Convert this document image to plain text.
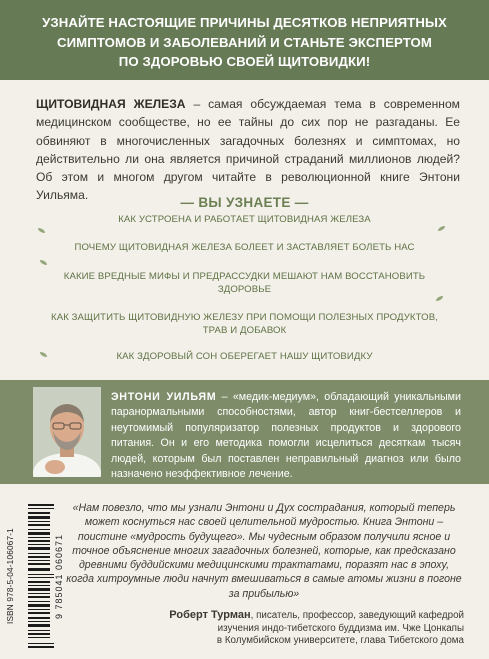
УЗНАЙТЕ НАСТОЯЩИЕ ПРИЧИНЫ ДЕСЯТКОВ НЕПРИЯТНЫХ
СИМПТОМОВ И ЗАБОЛЕВАНИЙ И СТАНЬТЕ ЭКСПЕРТОМ
ПО ЗДОРОВЬЮ СВОЕЙ ЩИТОВИДКИ!

ЩИТОВИДНАЯ ЖЕЛЕЗА – самая обсуждаемая тема в современном медицинском сообществе, но ее тайны до сих пор не разгаданы. Ее обвиняют в многочисленных загадочных болезнях и симптомах, но действительно ли она является причиной страданий миллионов людей? Об этом и многом другом читайте в революционной книге Энтони Уильяма.	— ВЫ УЗНАЕТЕ —
КАК УСТРОЕНА И РАБОТАЕТ ЩИТОВИДНАЯ ЖЕЛЕЗА
ПОЧЕМУ ЩИТОВИДНАЯ ЖЕЛЕЗА БОЛЕЕТ И ЗАСТАВЛЯЕТ БОЛЕТЬ НАС
КАКИЕ ВРЕДНЫЕ МИФЫ И ПРЕДРАССУДКИ МЕШАЮТ НАМ ВОССТАНОВИТЬ
ЗДОРОВЬЕ
КАК ЗАЩИТИТЬ ЩИТОВИДНУЮ ЖЕЛЕЗУ ПРИ ПОМОЩИ ПОЛЕЗНЫХ ПРОДУКТОВ,
ТРАВ И ДОБАВОК
КАК ЗДОРОВЫЙ СОН ОБЕРЕГАЕТ НАШУ ЩИТОВИДКУ

ЭНТОНИ УИЛЬЯМ – «медик-медиум», обладающий уникальными паранормальными способностями, автор книг-бестселлеров и неутомимый популяризатор полезных продуктов и здорового питания. Он и его методика помогли исцелиться десяткам тысяч людей, которым был поставлен неправильный диагноз или было назначено неэффективное лечение.

ISBN 978-5-04-106067-1	9 785041 060671

«Нам повезло, что мы узнали Энтони и Дух сострадания, который теперь может коснуться нас своей целительной мудростью. Книга Энтони – поистине «мудрость будущего». Мы чудесным образом получили ясное и точное объяснение многих загадочных болезней, которые, как предсказано древними буддийскими медицинскими трактатами, поразят нас в эпоху, когда хитроумные люди начнут вмешиваться в самые атомы жизни в погоне за прибылью»

Роберт Турман, писатель, профессор, заведующий кафедрой
изучения индо-тибетского буддизма им. Чже Цонкапы
в Колумбийском университете, глава Тибетского дома
